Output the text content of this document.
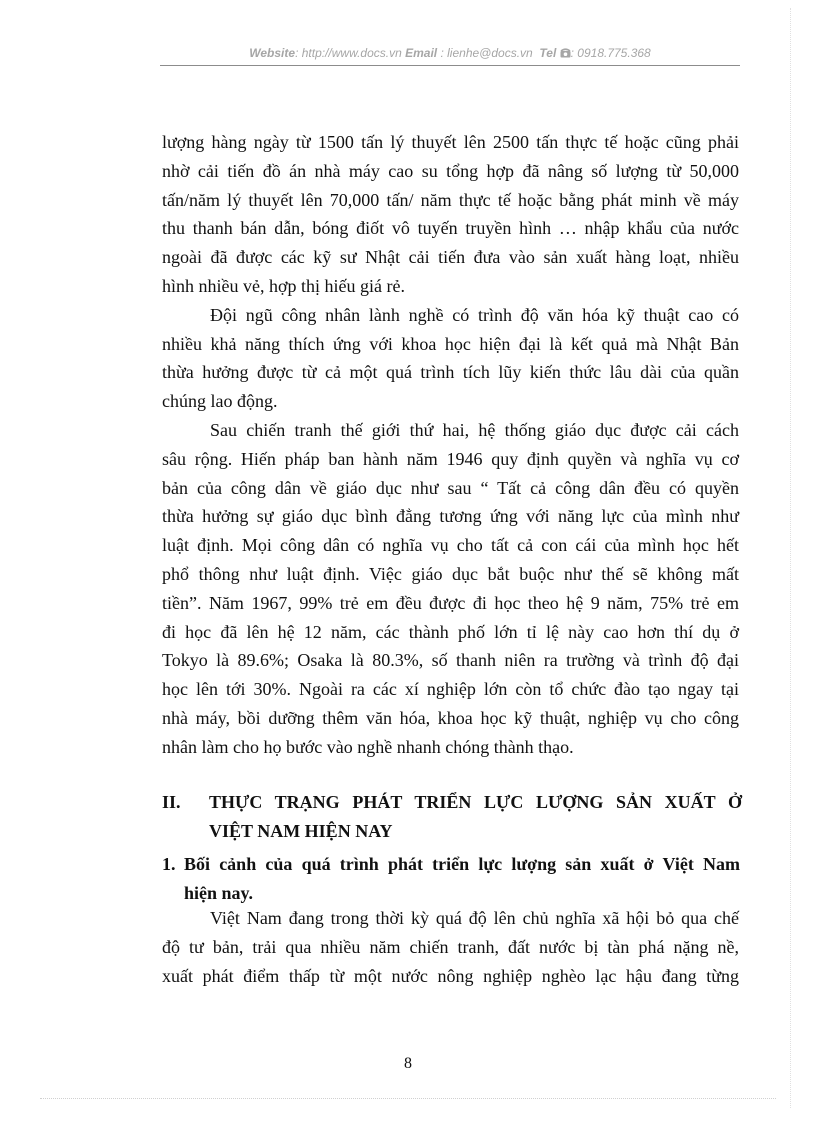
Website: http://www.docs.vn Email : lienhe@docs.vn Tel : 0918.775.368

lượng hàng ngày từ 1500 tấn lý thuyết lên 2500 tấn thực tế hoặc cũng phải
nhờ cải tiến đồ án nhà máy cao su tổng hợp đã nâng số lượng từ 50,000
tấn/năm lý thuyết lên 70,000 tấn/ năm thực tế hoặc bằng phát minh về máy
thu thanh bán dẫn, bóng điốt vô tuyến truyền hình … nhập khẩu của nước
ngoài đã được các kỹ sư Nhật cải tiến đưa vào sản xuất hàng loạt, nhiều
hình nhiều vẻ, hợp thị hiếu giá rẻ.

Đội ngũ công nhân lành nghề có trình độ văn hóa kỹ thuật cao có
nhiều khả năng thích ứng với khoa học hiện đại là kết quả mà Nhật Bản
thừa hưởng được từ cả một quá trình tích lũy kiến thức lâu dài của quần
chúng lao động.

Sau chiến tranh thế giới thứ hai, hệ thống giáo dục được cải cách
sâu rộng. Hiến pháp ban hành năm 1946 quy định quyền và nghĩa vụ cơ
bản của công dân về giáo dục như sau “ Tất cả công dân đều có quyền
thừa hưởng sự giáo dục bình đẳng tương ứng với năng lực của mình như
luật định. Mọi công dân có nghĩa vụ cho tất cả con cái của mình học hết
phổ thông như luật định. Việc giáo dục bắt buộc như thế sẽ không mất
tiền”. Năm 1967, 99% trẻ em đều được đi học theo hệ 9 năm, 75% trẻ em
đi học đã lên hệ 12 năm, các thành phố lớn tỉ lệ này cao hơn thí dụ ở
Tokyo là 89.6%; Osaka là 80.3%, số thanh niên ra trường và trình độ đại
học lên tới 30%. Ngoài ra các xí nghiệp lớn còn tổ chức đào tạo ngay tại
nhà máy, bồi dưỡng thêm văn hóa, khoa học kỹ thuật, nghiệp vụ cho công
nhân làm cho họ bước vào nghề nhanh chóng thành thạo.

II. THỰC TRẠNG PHÁT TRIỂN LỰC LƯỢNG SẢN XUẤT Ở
VIỆT NAM HIỆN NAY
1. Bối cảnh của quá trình phát triển lực lượng sản xuất ở Việt Nam
hiện nay.
Việt Nam đang trong thời kỳ quá độ lên chủ nghĩa xã hội bỏ qua chế
độ tư bản, trải qua nhiều năm chiến tranh, đất nước bị tàn phá nặng nề,
xuất phát điểm thấp từ một nước nông nghiệp nghèo lạc hậu đang từng
8
